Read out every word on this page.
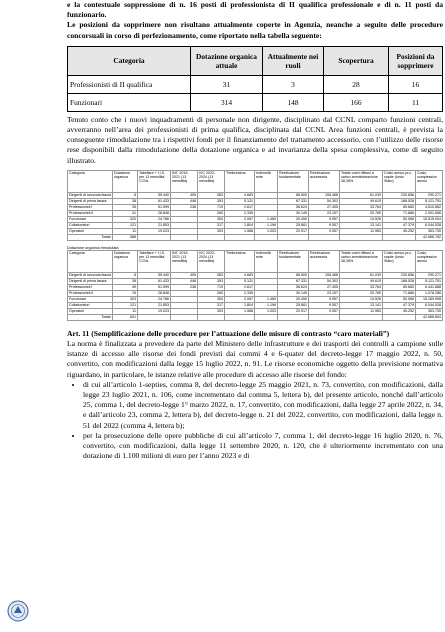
e la contestuale soppressione di n. 16 posti di professionista di II qualifica professionale e di n. 11 posti da funzionario.

Le posizioni da sopprimere non risultano attualmente coperte in Agenzia, neanche a seguito delle procedure concorsuali in corso di perfezionamento, come riportato nella tabella seguente:

Categoria	Dotazione organica attuale	Attualmente nei ruoli	Scopertura	Posizioni da sopprimere
Professionisti di II qualifica	31	3	28	16
Funzionari	314	148	166	11

Tenuto conto che i nuovi inquadramenti di personale non dirigente, disciplinato dal CCNL comparto funzioni centrali, avverranno nell’area dei professionisti di prima qualifica, disciplinata dal CCNL Area funzioni centrali, è prevista la conseguente rimodulazione tra i rispettivi fondi per il finanziamento del trattamento accessorio, con l’utilizzo delle risorse rese disponibili dalla rimodulazione della dotazione organica e ad invarianza della spesa complessiva, come di seguito illustrato.

Categoria	Dotazione organica	Tabellare + I.I.S. per 13 mensilità CCNL	INT. 2019-2021 (13 mensilità)	IVC 2022-2024 (13 mensilità)	Tredicesima	Indennità ente	Retribuzione fondamentale	Retribuzione accessoria	Totale oneri riflessi a carico amministrazione 38,38%	Costo annuo pro-capite (lordo Stato)	Costo complessivo annuo
Dirigenti di seconda fascia	8	55.440	405	383	4.683		66.500	108.468	61.039	230.656	290.271
Dirigenti di prima fascia	38	61.433	448	353	5.131		67.331	54.302	49.615	186.528	5.121.751
Professionisti I	35	51.599	238	719	2.617		56.624	27.405	33.764	69.660	4.610.852
Professionisti II	31	28.846		260	2.336		30.149	23.157	20.760	71.886	2.001.656
Funzionari	320	24.786		354	2.067	1.460	29.450	9.557	14.526	50.066	15.515.004
Collaboratori	121	21.853		317	1.804	1.196	25.681	9.557	13.141	47.379	6.044.528
Operatori	11	19.023		303	1.588	1.003	22.917	9.557	11.983	45.252	363.730
Totale	588										42.566.792
Dotazione organica rimodulata
Categoria	Dotazione organica	Tabellare + I.I.S. per 13 mensilità CCNL	INT. 2019-2021 (13 mensilità)	IVC 2022-2024 (13 mensilità)	Tredicesima	Indennità ente	Retribuzione fondamentale	Retribuzione accessoria	Totale oneri riflessi a carico amministrazione 38,38%	Costo annuo pro-capite (lordo Stato)	Costo complessivo annuo
Dirigenti di seconda fascia	8	55.440	405	383	4.683		66.500	108.468	61.039	230.656	290.271
Dirigenti di prima fascia	38	61.433	448	353	5.131		67.331	54.302	49.615	186.528	5.121.751
Professionisti I	49	51.599	238	719	2.617		56.624	27.405	33.764	69.660	6.441.888
Professionisti II	15	28.846		260	2.336		30.149	23.157	20.760	71.886	1.078.286
Funzionari	303	24.786		354	2.067	1.460	29.450	9.557	14.526	50.066	15.169.998
Collaboratori	121	21.853		317	1.804	1.196	25.681	9.557	13.141	47.379	6.044.528
Operatori	11	19.023		303	1.588	1.003	22.917	9.557	11.983	45.252	363.730
Totale	601										42.566.694
Art. 11 (Semplificazione delle procedure per l’attuazione delle misure di contrasto “caro materiali”)

La norma è finalizzata a prevedere da parte del Ministero delle infrastrutture e dei trasporti dei controlli a campione sulle istanze di accesso alle risorse dei fondi previsti dai commi 4 e 6-quater del decreto-legge 17 maggio 2022, n. 50, convertito, con modificazioni dalla legge 15 luglio 2022, n. 91. Le risorse economiche oggetto della previsione normativa riguardano, in particolare, le istanze relative alle procedure di accesso alle risorse del fondo:

• di cui all’articolo 1-septies, comma 8, del decreto-legge 25 maggio 2021, n. 73, convertito, con modificazioni, dalla legge 23 luglio 2021, n. 106, come incrementato dal comma 5, lettera b), del presente articolo, nonché dall’articolo 25, comma 1, del decreto-legge 1° marzo 2022, n. 17, convertito, con modificazioni, dalla legge 27 aprile 2022, n. 34, e dall’articolo 23, comma 2, lettera b), del decreto-legge n. 21 del 2022, convertito, con modificazioni, dalla legge n. 51 del 2022 (comma 4, lettera b);
• per la prosecuzione delle opere pubbliche di cui all’articolo 7, comma 1, del decreto-legge 16 luglio 2020, n. 76, convertito, con modificazioni, dalla legge 11 settembre 2020, n. 120, che è ulteriormente incrementato con una dotazione di 1.100 milioni di euro per l’anno 2023 e di
